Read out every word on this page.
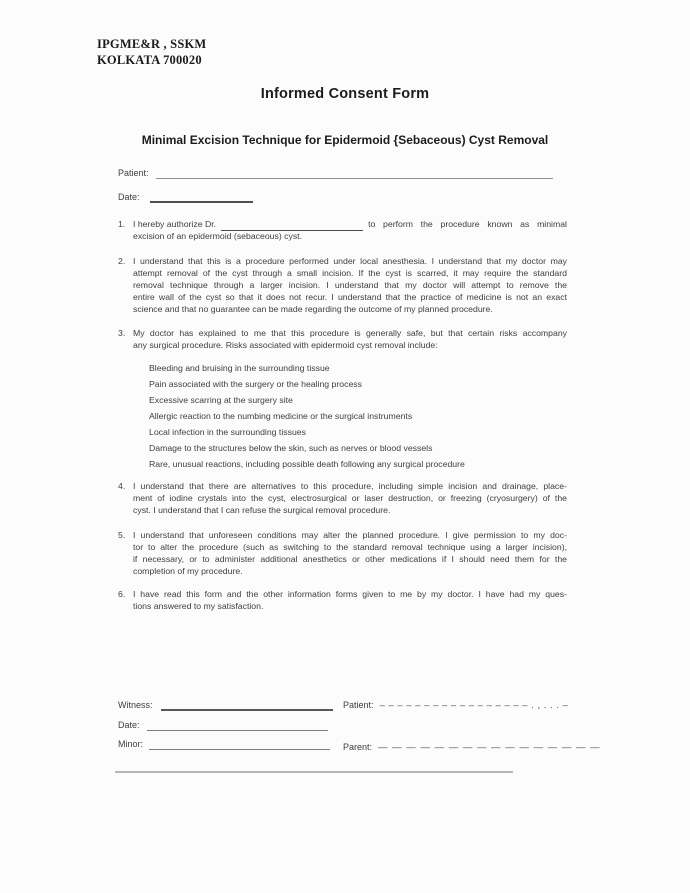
IPGME&R , SSKM
KOLKATA 700020
Informed Consent Form
Minimal Excision Technique for Epidermoid {Sebaceous) Cyst Removal
Patient:
Date:
1. I hereby authorize Dr.	to perform the procedure known as minimal
excision of an epidermoid (sebaceous) cyst.
2. I understand that this is a procedure performed under local anesthesia. I understand that my doctor may
attempt removal of the cyst through a small incision. If the cyst is scarred, it may require the standard
removal technique through a larger incision. I understand that my doctor will attempt to remove the
entire wall of the cyst so that it does not recur. I understand that the practice of medicine is not an exact
science and that no guarantee can be made regarding the outcome of my planned procedure.
3. My doctor has explained to me that this procedure is generally safe, but that certain risks accompany
any surgical procedure. Risks associated with epidermoid cyst removal include:
Bleeding and bruising in the surrounding tissue
Pain associated with the surgery or the healing process
Excessive scarring at the surgery site
Allergic reaction to the numbing medicine or the surgical instruments
Local infection in the surrounding tissues
Damage to the structures below the skin, such as nerves or blood vessels
Rare, unusual reactions, including possible death following any surgical procedure
4. I understand that there are alternatives to this procedure, including simple incision and drainage, place-
ment of iodine crystals into the cyst, electrosurgical or laser destruction, or freezing (cryosurgery) of the
cyst. I understand that I can refuse the surgical removal procedure.
5. I understand that unforeseen conditions may alter the planned procedure. I give permission to my doc-
tor to alter the procedure (such as switching to the standard removal technique using a larger incision),
if necessary, or to administer additional anesthetics or other medications if I should need them for the
completion of my procedure.
6. I have read this form and the other information forms given to me by my doctor. I have had my ques-
tions answered to my satisfaction.
Witness:	Patient: – – – – – – – – – – – – – – – – – . , . . . –
Date:
Minor:	Parent: — — — — — — — — — — — — — — — —
